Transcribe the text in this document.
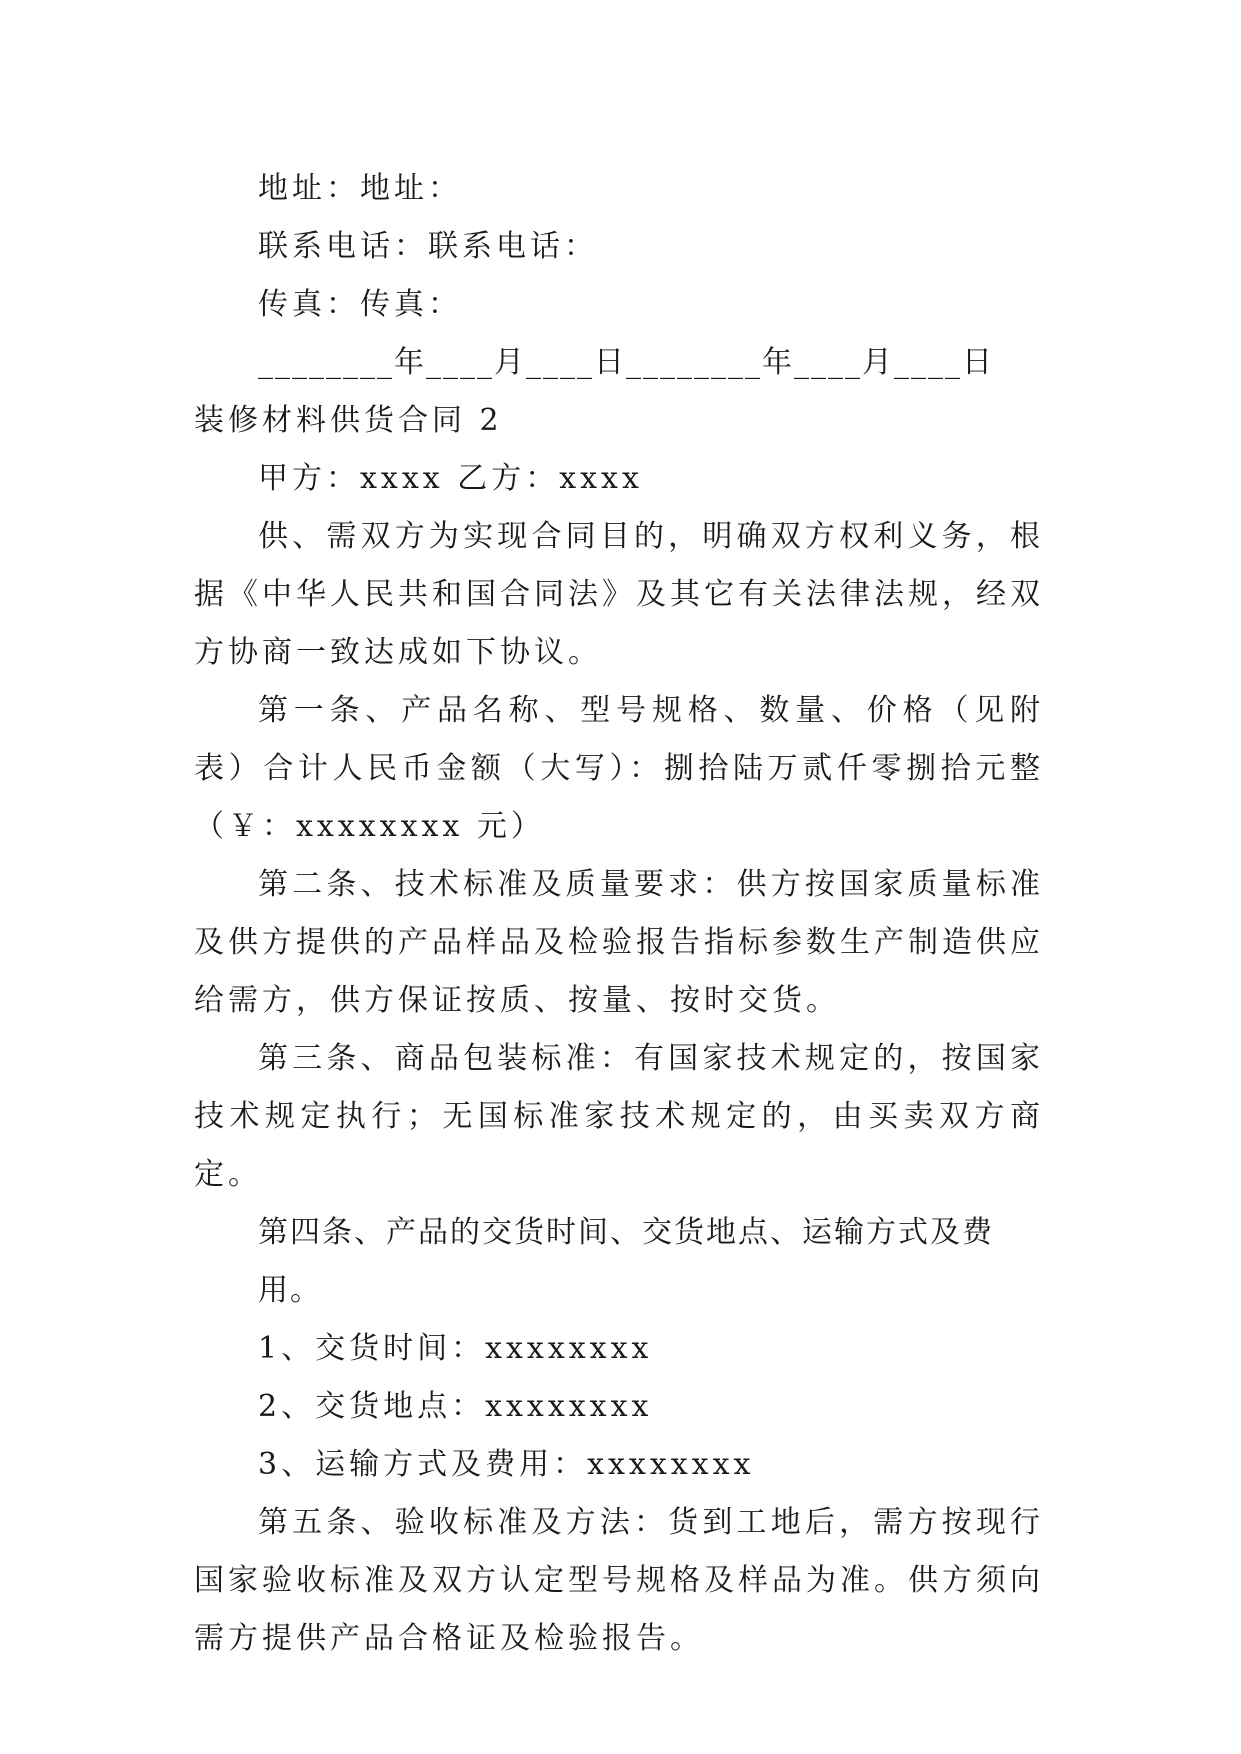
地址：地址：

联系电话：联系电话：

传真：传真：

________年____月____日________年____月____日

装修材料供货合同 2

甲方：xxxx 乙方：xxxx

供、需双方为实现合同目的，明确双方权利义务，根据《中华人民共和国合同法》及其它有关法律法规，经双方协商一致达成如下协议。

第一条、产品名称、型号规格、数量、价格（见附表）合计人民币金额（大写）：捌拾陆万贰仟零捌拾元整（￥：xxxxxxxx 元）

第二条、技术标准及质量要求：供方按国家质量标准及供方提供的产品样品及检验报告指标参数生产制造供应给需方，供方保证按质、按量、按时交货。

第三条、商品包装标准：有国家技术规定的，按国家技术规定执行；无国标准家技术规定的，由买卖双方商定。

第四条、产品的交货时间、交货地点、运输方式及费用。

1、交货时间：xxxxxxxx

2、交货地点：xxxxxxxx

3、运输方式及费用：xxxxxxxx

第五条、验收标准及方法：货到工地后，需方按现行国家验收标准及双方认定型号规格及样品为准。供方须向需方提供产品合格证及检验报告。
